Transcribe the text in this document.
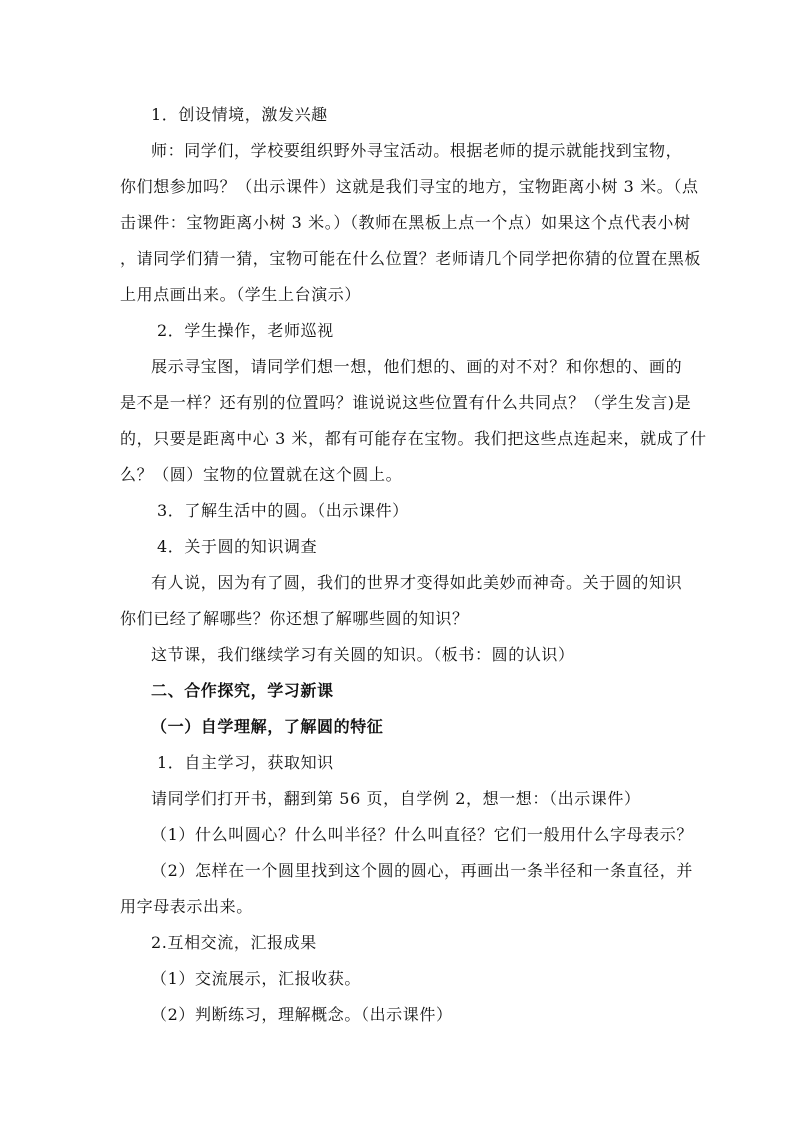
1．创设情境，激发兴趣
师：同学们，学校要组织野外寻宝活动。根据老师的提示就能找到宝物，
你们想参加吗？（出示课件）这就是我们寻宝的地方，宝物距离小树 3 米。（点
击课件：宝物距离小树 3 米。）（教师在黑板上点一个点）如果这个点代表小树
，请同学们猜一猜，宝物可能在什么位置？老师请几个同学把你猜的位置在黑板
上用点画出来。（学生上台演示）
2．学生操作，老师巡视
展示寻宝图，请同学们想一想，他们想的、画的对不对？和你想的、画的
是不是一样？还有别的位置吗？谁说说这些位置有什么共同点？（学生发言)是
的，只要是距离中心 3 米，都有可能存在宝物。我们把这些点连起来，就成了什
么？（圆）宝物的位置就在这个圆上。
3．了解生活中的圆。（出示课件）
4．关于圆的知识调查
有人说，因为有了圆，我们的世界才变得如此美妙而神奇。关于圆的知识
你们已经了解哪些？你还想了解哪些圆的知识？
这节课，我们继续学习有关圆的知识。（板书：圆的认识）
二、合作探究，学习新课
（一）自学理解，了解圆的特征
1．自主学习，获取知识
请同学们打开书，翻到第 56 页，自学例 2，想一想：（出示课件）
（1）什么叫圆心？什么叫半径？什么叫直径？它们一般用什么字母表示？
（2）怎样在一个圆里找到这个圆的圆心，再画出一条半径和一条直径，并
用字母表示出来。
2.互相交流，汇报成果
（1）交流展示，汇报收获。
（2）判断练习，理解概念。（出示课件）
